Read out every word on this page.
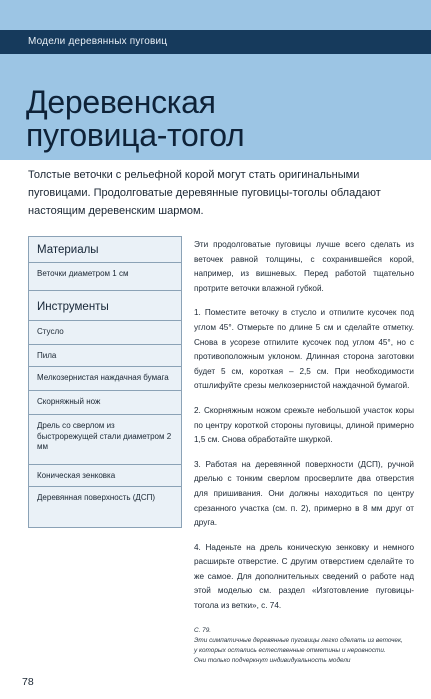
Модели деревянных пуговиц
Деревенская
пуговица-тогол

Толстые веточки с рельефной корой могут стать оригинальными пуговицами. Продолговатые деревянные пуговицы-тоголы обладают настоящим деревенским шармом.

Материалы
Веточки диаметром 1 см
Инструменты
Стусло
Пила
Мелкозернистая наждачная бумага
Скорняжный нож
Дрель со сверлом из быстрорежущей стали диаметром 2 мм
Коническая зенковка
Деревянная поверхность (ДСП)

Эти продолговатые пуговицы лучше всего сделать из веточек равной толщины, с сохранившейся корой, например, из вишневых. Перед работой тщательно протрите веточки влажной губкой.

1. Поместите веточку в стусло и отпилите кусочек под углом 45°. Отмерьте по длине 5 см и сделайте отметку. Снова в усорезе отпилите кусочек под углом 45°, но с противоположным уклоном. Длинная сторона заготовки будет 5 см, короткая – 2,5 см. При необходимости отшлифуйте срезы мелкозернистой наждачной бумагой.

2. Скорняжным ножом срежьте небольшой участок коры по центру короткой стороны пуговицы, длиной примерно 1,5 см. Снова обработайте шкуркой.

3. Работая на деревянной поверхности (ДСП), ручной дрелью с тонким сверлом просверлите два отверстия для пришивания. Они должны находиться по центру срезанного участка (см. п. 2), примерно в 8 мм друг от друга.

4. Наденьте на дрель коническую зенковку и немного расширьте отверстие. С другим отверстием сделайте то же самое. Для дополнительных сведений о работе над этой моделью см. раздел «Изготовление пуговицы-тогола из ветки», с. 74.

С. 79.

Эти симпатичные деревянные пуговицы легко сделать из веточек,

у которых остались естественные отметины и неровности.

Они только подчеркнут индивидуальность модели

78
